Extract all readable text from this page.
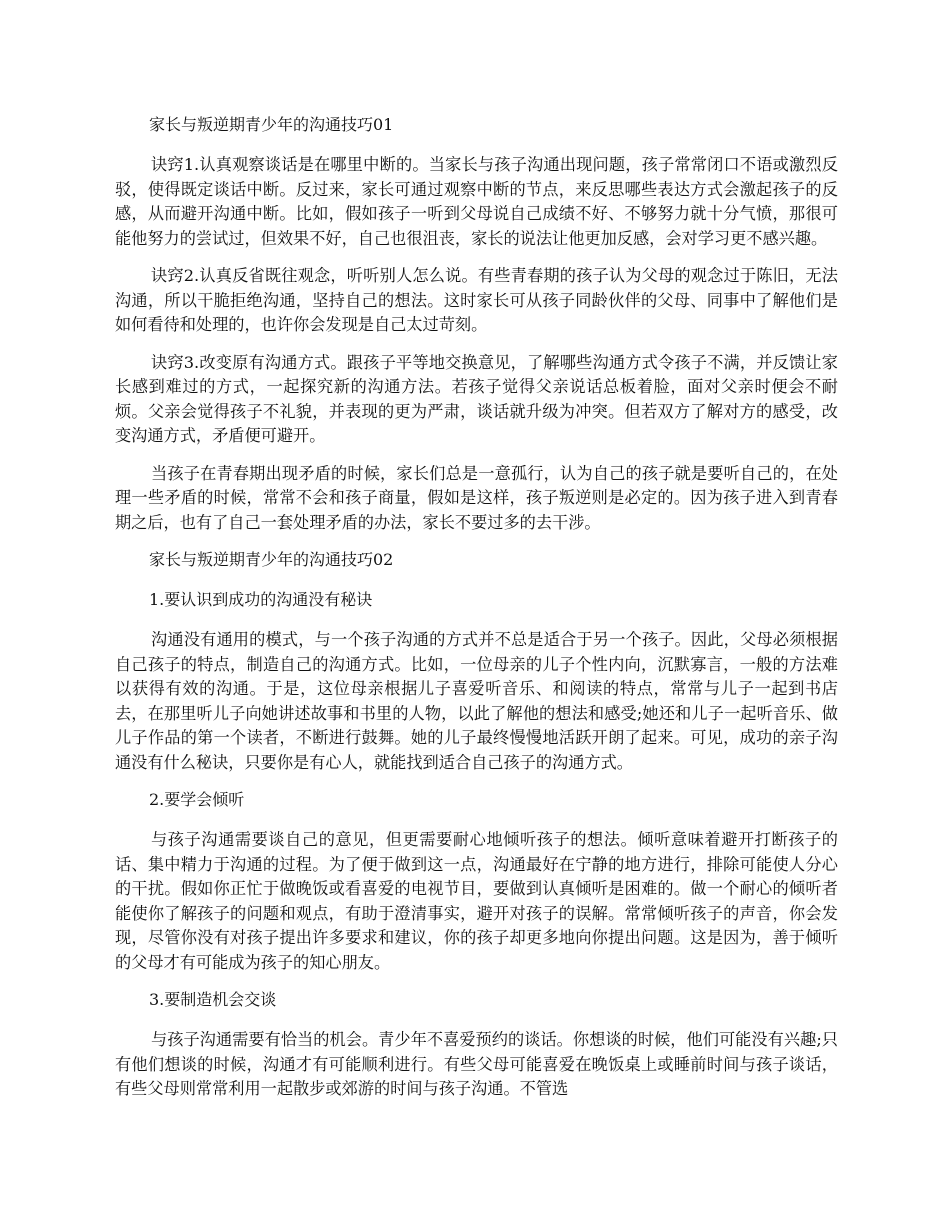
家长与叛逆期青少年的沟通技巧01

诀窍1.认真观察谈话是在哪里中断的。当家长与孩子沟通出现问题，孩子常常闭口不语或激烈反驳，使得既定谈话中断。反过来，家长可通过观察中断的节点，来反思哪些表达方式会激起孩子的反感，从而避开沟通中断。比如，假如孩子一听到父母说自己成绩不好、不够努力就十分气愤，那很可能他努力的尝试过，但效果不好，自己也很沮丧，家长的说法让他更加反感，会对学习更不感兴趣。

诀窍2.认真反省既往观念，听听别人怎么说。有些青春期的孩子认为父母的观念过于陈旧，无法沟通，所以干脆拒绝沟通，坚持自己的想法。这时家长可从孩子同龄伙伴的父母、同事中了解他们是如何看待和处理的，也许你会发现是自己太过苛刻。

诀窍3.改变原有沟通方式。跟孩子平等地交换意见，了解哪些沟通方式令孩子不满，并反馈让家长感到难过的方式，一起探究新的沟通方法。若孩子觉得父亲说话总板着脸，面对父亲时便会不耐烦。父亲会觉得孩子不礼貌，并表现的更为严肃，谈话就升级为冲突。但若双方了解对方的感受，改变沟通方式，矛盾便可避开。

当孩子在青春期出现矛盾的时候，家长们总是一意孤行，认为自己的孩子就是要听自己的，在处理一些矛盾的时候，常常不会和孩子商量，假如是这样，孩子叛逆则是必定的。因为孩子进入到青春期之后，也有了自己一套处理矛盾的办法，家长不要过多的去干涉。

家长与叛逆期青少年的沟通技巧02

1.要认识到成功的沟通没有秘诀

沟通没有通用的模式，与一个孩子沟通的方式并不总是适合于另一个孩子。因此，父母必须根据自己孩子的特点，制造自己的沟通方式。比如，一位母亲的儿子个性内向，沉默寡言，一般的方法难以获得有效的沟通。于是，这位母亲根据儿子喜爱听音乐、和阅读的特点，常常与儿子一起到书店去，在那里听儿子向她讲述故事和书里的人物，以此了解他的想法和感受;她还和儿子一起听音乐、做儿子作品的第一个读者，不断进行鼓舞。她的儿子最终慢慢地活跃开朗了起来。可见，成功的亲子沟通没有什么秘诀，只要你是有心人，就能找到适合自己孩子的沟通方式。

2.要学会倾听

与孩子沟通需要谈自己的意见，但更需要耐心地倾听孩子的想法。倾听意味着避开打断孩子的话、集中精力于沟通的过程。为了便于做到这一点，沟通最好在宁静的地方进行，排除可能使人分心的干扰。假如你正忙于做晚饭或看喜爱的电视节目，要做到认真倾听是困难的。做一个耐心的倾听者能使你了解孩子的问题和观点，有助于澄清事实，避开对孩子的误解。常常倾听孩子的声音，你会发现，尽管你没有对孩子提出许多要求和建议，你的孩子却更多地向你提出问题。这是因为，善于倾听的父母才有可能成为孩子的知心朋友。

3.要制造机会交谈

与孩子沟通需要有恰当的机会。青少年不喜爱预约的谈话。你想谈的时候，他们可能没有兴趣;只有他们想谈的时候，沟通才有可能顺利进行。有些父母可能喜爱在晚饭桌上或睡前时间与孩子谈话，有些父母则常常利用一起散步或郊游的时间与孩子沟通。不管选
